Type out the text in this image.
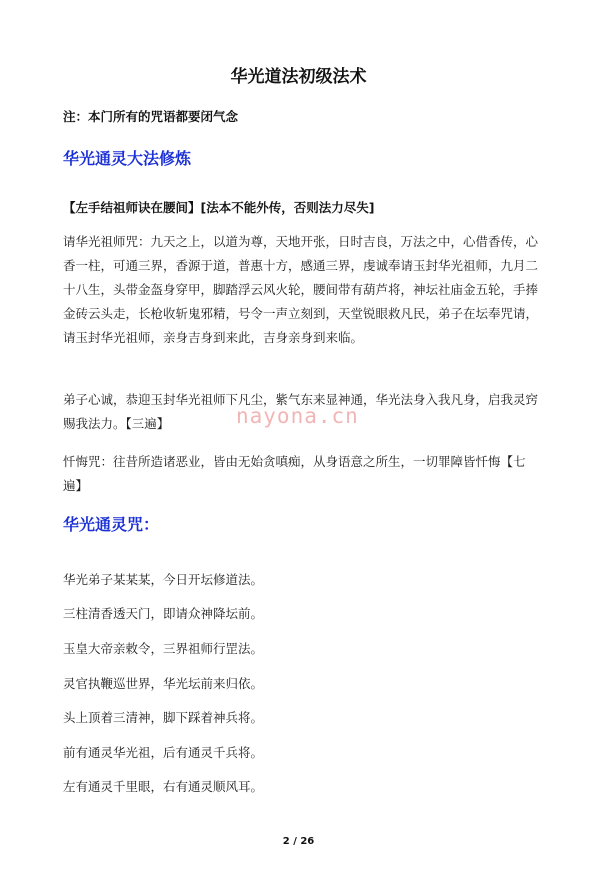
华光道法初级法术
注：本门所有的咒语都要闭气念
华光通灵大法修炼
【左手结祖师诀在腰间】[法本不能外传，否则法力尽失]

请华光祖师咒：九天之上，以道为尊，天地开张，日时吉良，万法之中，心借香传，心香一柱，可通三界，香源于道，普惠十方，感通三界，虔诚奉请玉封华光祖师，九月二十八生，头带金盔身穿甲，脚踏浮云风火轮，腰间带有葫芦将，神坛社庙金五轮，手捧金砖云头走，长枪收斩鬼邪精，号令一声立刻到，天堂锐眼救凡民，弟子在坛奉咒请，请玉封华光祖师，亲身吉身到来此，吉身亲身到来临。

弟子心诚，恭迎玉封华光祖师下凡尘，紫气东来显神通，华光法身入我凡身，启我灵窍赐我法力。【三遍】

忏悔咒：往昔所造诸恶业，皆由无始贪嗔痴，从身语意之所生，一切罪障皆忏悔【七遍】

华光通灵咒：
华光弟子某某某，今日开坛修道法。
三柱清香透天门，即请众神降坛前。
玉皇大帝亲敕令，三界祖师行罡法。
灵官执鞭巡世界，华光坛前来归依。
头上顶着三清神，脚下踩着神兵将。
前有通灵华光祖，后有通灵千兵将。
左有通灵千里眼，右有通灵顺风耳。
nayona.cn
2 / 26
